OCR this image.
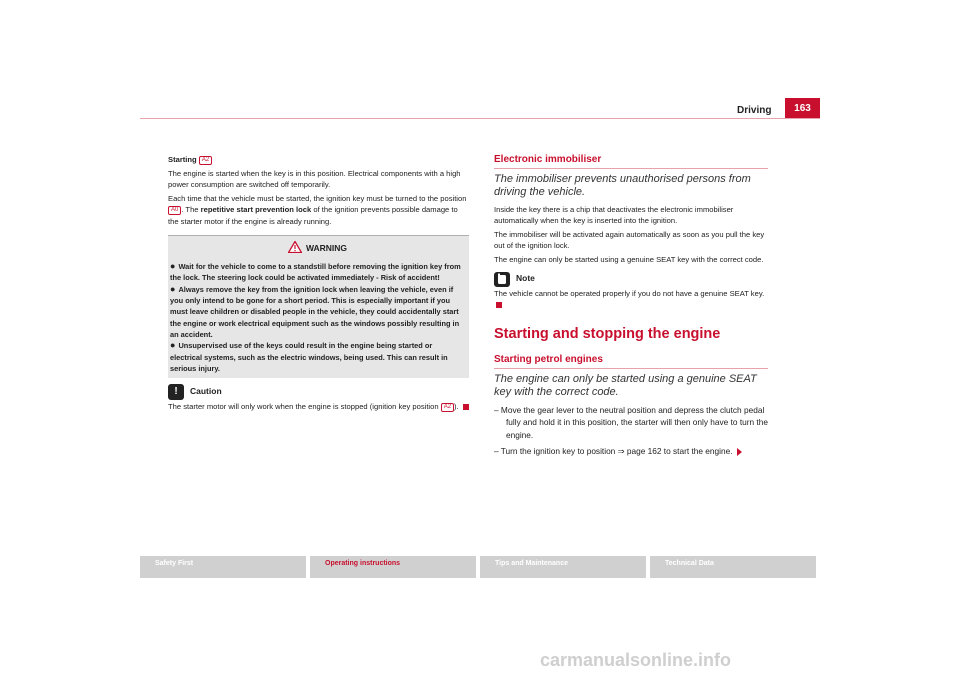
Driving	163

Starting A2

The engine is started when the key is in this position. Electrical components with a high power consumption are switched off temporarily.

Each time that the vehicle must be started, the ignition key must be turned to the position A0 . The repetitive start prevention lock of the ignition prevents possible damage to the starter motor if the engine is already running.

WARNING

● Wait for the vehicle to come to a standstill before removing the ignition key from the lock. The steering lock could be activated immediately - Risk of accident!

● Always remove the key from the ignition lock when leaving the vehicle, even if you only intend to be gone for a short period. This is especially important if you must leave children or disabled people in the vehicle, they could accidentally start the engine or work electrical equipment such as the windows possibly resulting in an accident.

● Unsupervised use of the keys could result in the engine being started or electrical systems, such as the electric windows, being used. This can result in serious injury.

!	Caution

The starter motor will only work when the engine is stopped (ignition key position A2 ).

Electronic immobiliser

The immobiliser prevents unauthorised persons from driving the vehicle.

Inside the key there is a chip that deactivates the electronic immobiliser automatically when the key is inserted into the ignition.

The immobiliser will be activated again automatically as soon as you pull the key out of the ignition lock.

The engine can only be started using a genuine SEAT key with the correct code.

Note

The vehicle cannot be operated properly if you do not have a genuine SEAT key.

Starting and stopping the engine
Starting petrol engines

The engine can only be started using a genuine SEAT key with the correct code.

– Move the gear lever to the neutral position and depress the clutch pedal fully and hold it in this position, the starter will then only have to turn the engine.

– Turn the ignition key to position ⇒ page 162 to start the engine.

Safety First	Operating instructions	Tips and Maintenance	Technical Data
carmanualsonline.info
